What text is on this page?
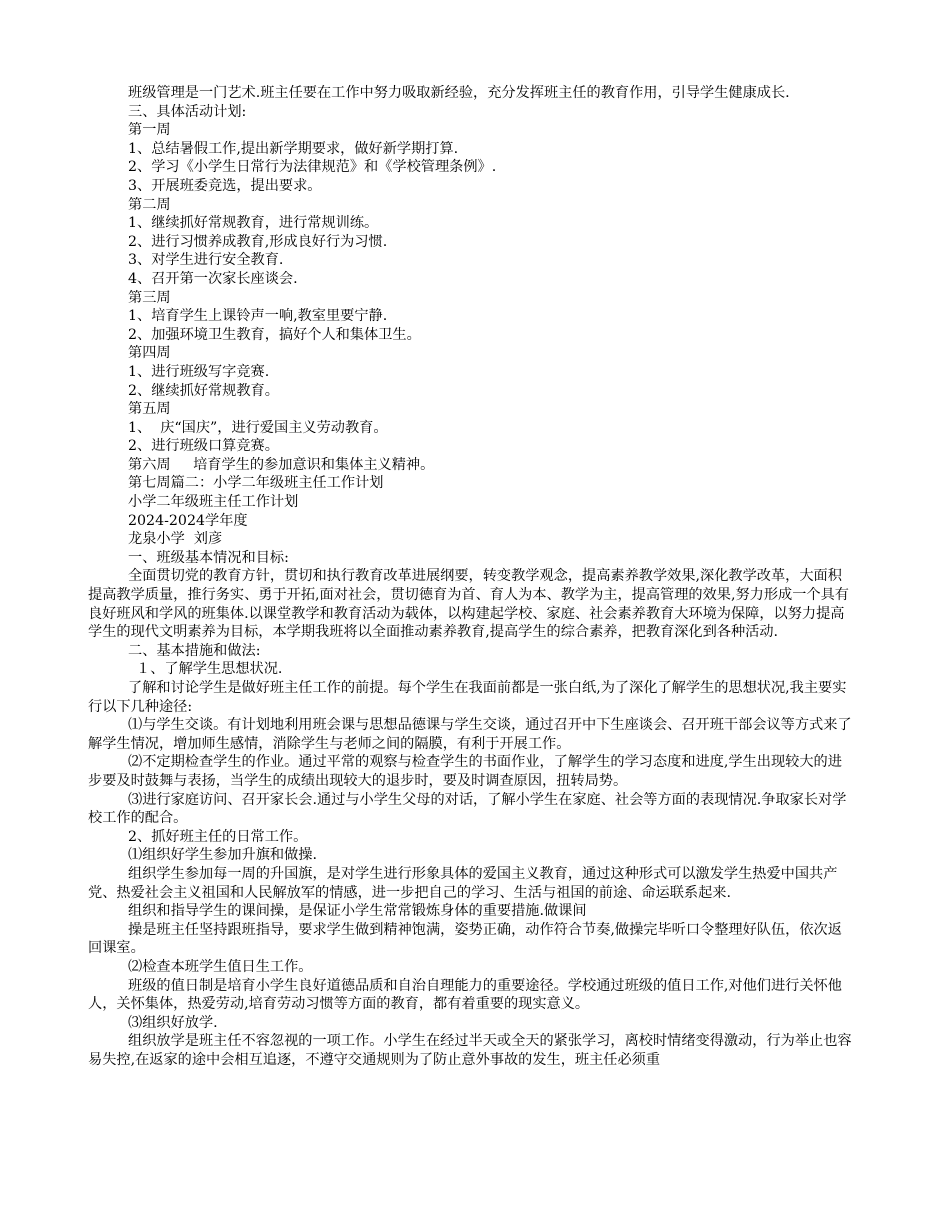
班级管理是一门艺术.班主任要在工作中努力吸取新经验，充分发挥班主任的教育作用，引导学生健康成长.

三、具体活动计划:

第一周

1、总结暑假工作,提出新学期要求，做好新学期打算.

2、学习《小学生日常行为法律规范》和《学校管理条例》.

3、开展班委竞选，提出要求。

第二周

1、继续抓好常规教育，进行常规训练。

2、进行习惯养成教育,形成良好行为习惯.

3、对学生进行安全教育.

4、召开第一次家长座谈会.

第三周

1、培育学生上课铃声一响,教室里要宁静.

2、加强环境卫生教育，搞好个人和集体卫生。

第四周

1、进行班级写字竞赛.

2、继续抓好常规教育。

第五周

1、  庆“国庆”，进行爱国主义劳动教育。

2、进行班级口算竞赛。

第六周     培育学生的参加意识和集体主义精神。

第七周篇二：小学二年级班主任工作计划

小学二年级班主任工作计划

2024-2024学年度

龙泉小学  刘彦

一、班级基本情况和目标:

全面贯切党的教育方针，贯切和执行教育改革进展纲要，转变教学观念，提高素养教学效果,深化教学改革，大面积提高教学质量，推行务实、勇于开拓,面对社会，贯切德育为首、育人为本、教学为主，提高管理的效果,努力形成一个具有良好班风和学风的班集体.以课堂教学和教育活动为载体，以构建起学校、家庭、社会素养教育大环境为保障，以努力提高学生的现代文明素养为目标，本学期我班将以全面推动素养教育,提高学生的综合素养，把教育深化到各种活动.

二、基本措施和做法:

１、了解学生思想状况.

了解和讨论学生是做好班主任工作的前提。每个学生在我面前都是一张白纸,为了深化了解学生的思想状况,我主要实行以下几种途径:

⑴与学生交谈。有计划地利用班会课与思想品德课与学生交谈，通过召开中下生座谈会、召开班干部会议等方式来了解学生情况，增加师生感情，消除学生与老师之间的隔膜，有利于开展工作。

⑵不定期检查学生的作业。通过平常的观察与检查学生的书面作业，了解学生的学习态度和进度,学生出现较大的进步要及时鼓舞与表扬，当学生的成绩出现较大的退步时，要及时调查原因，扭转局势。

⑶进行家庭访问、召开家长会.通过与小学生父母的对话，了解小学生在家庭、社会等方面的表现情况.争取家长对学校工作的配合。

2、抓好班主任的日常工作。

⑴组织好学生参加升旗和做操.

组织学生参加每一周的升国旗，是对学生进行形象具体的爱国主义教育，通过这种形式可以激发学生热爱中国共产党、热爱社会主义祖国和人民解放军的情感，进一步把自己的学习、生活与祖国的前途、命运联系起来.

组织和指导学生的课间操，是保证小学生常常锻炼身体的重要措施.做课间

操是班主任坚持跟班指导，要求学生做到精神饱满，姿势正确，动作符合节奏,做操完毕听口令整理好队伍，依次返回课室。

⑵检查本班学生值日生工作。

班级的值日制是培育小学生良好道德品质和自治自理能力的重要途径。学校通过班级的值日工作,对他们进行关怀他人，关怀集体，热爱劳动,培育劳动习惯等方面的教育，都有着重要的现实意义。

⑶组织好放学.

组织放学是班主任不容忽视的一项工作。小学生在经过半天或全天的紧张学习，离校时情绪变得激动，行为举止也容易失控,在返家的途中会相互追逐，不遵守交通规则为了防止意外事故的发生，班主任必须重
